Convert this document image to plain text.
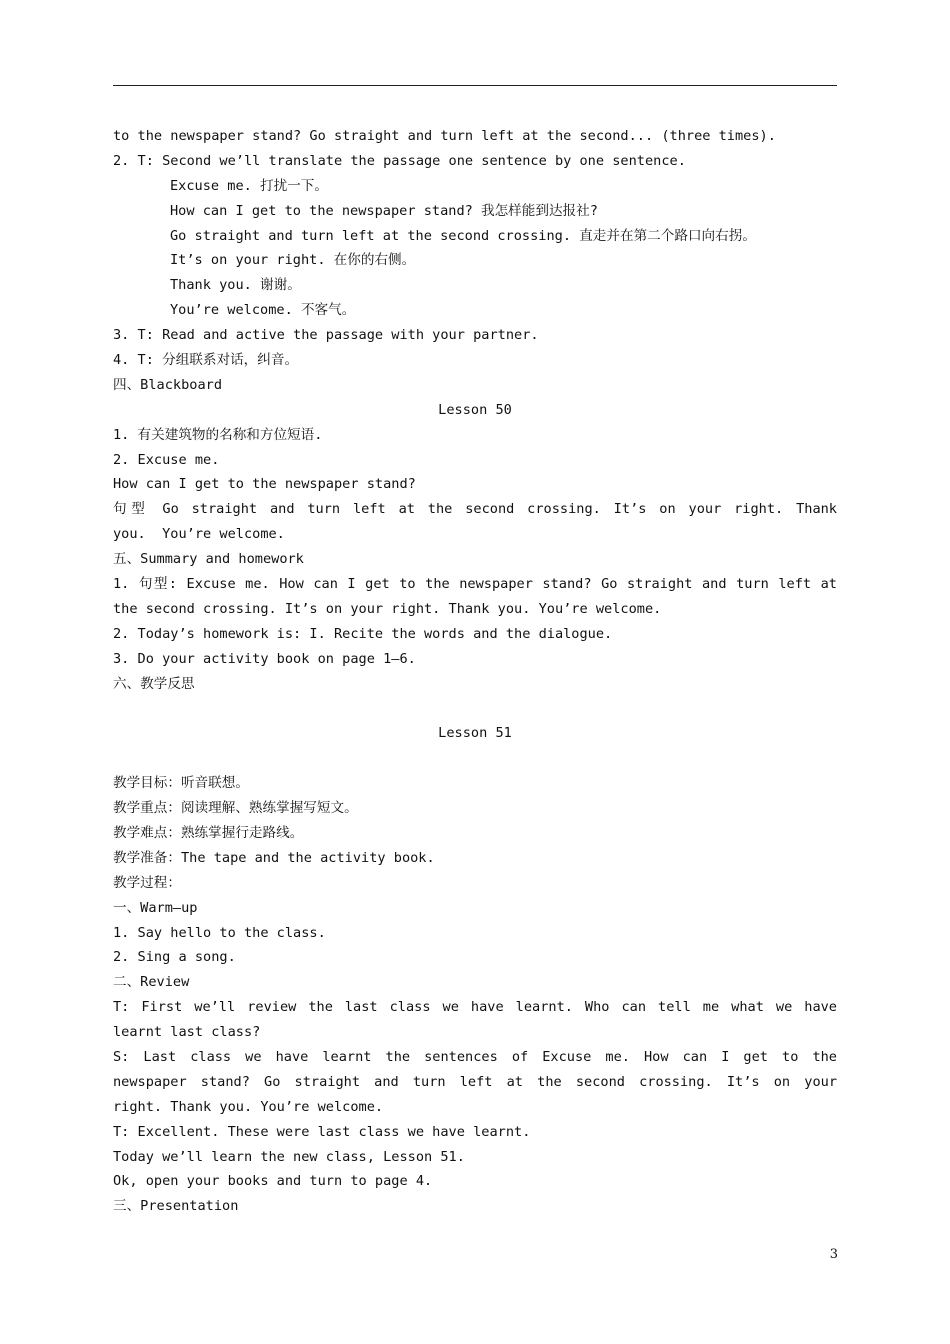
to the newspaper stand? Go straight and turn left at the second... (three times).
2. T: Second we’ll translate the passage one sentence by one sentence.
Excuse me. 打扰一下。
How can I get to the newspaper stand? 我怎样能到达报社?
Go straight and turn left at the second crossing. 直走并在第二个路口向右拐。
It’s on your right. 在你的右侧。
Thank you. 谢谢。
You’re welcome. 不客气。
3. T: Read and active the passage with your partner.
4. T: 分组联系对话，纠音。
四、Blackboard
Lesson 50
1. 有关建筑物的名称和方位短语.
2. Excuse me.
How can I get to the newspaper stand?
句型 Go straight and turn left at the second crossing. It’s on your right. Thank
you.  You’re welcome.
五、Summary and homework
1. 句型: Excuse me. How can I get to the newspaper stand? Go straight and turn left at
the second crossing. It’s on your right. Thank you. You’re welcome.
2. Today’s homework is: I. Recite the words and the dialogue.
3. Do your activity book on page 1—6.
六、教学反思
Lesson 51
教学目标：听音联想。
教学重点：阅读理解、熟练掌握写短文。
教学难点：熟练掌握行走路线。
教学准备：The tape and the activity book.
教学过程：
一、Warm—up
1. Say hello to the class.
2. Sing a song.
二、Review
T: First we’ll review the last class we have learnt. Who can tell me what we have
learnt last class?
S: Last class we have learnt the sentences of Excuse me. How can I get to the
newspaper stand? Go straight and turn left at the second crossing. It’s on your
right. Thank you. You’re welcome.
T: Excellent. These were last class we have learnt.
Today we’ll learn the new class, Lesson 51.
Ok, open your books and turn to page 4.
三、Presentation
3
